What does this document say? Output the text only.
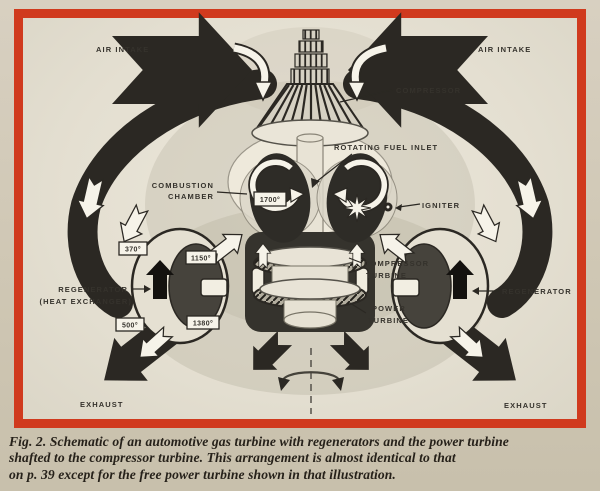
370°
1150°
1700°
500°	1380°
AIR INTAKE	AIR INTAKE
COMPRESSOR
ROTATING FUEL INLET
COMBUSTION
CHAMBER
IGNITER
REGENERATOR
(HEAT EXCHANGER)
REGENERATOR
COMPRESSOR
TURBINE
POWER
TURBINE
EXHAUST	EXHAUST
Fig. 2. Schematic of an automotive gas turbine with regenerators and the power turbine
shafted to the compressor turbine. This arrangement is almost identical to that
on p. 39 except for the free power turbine shown in that illustration.
